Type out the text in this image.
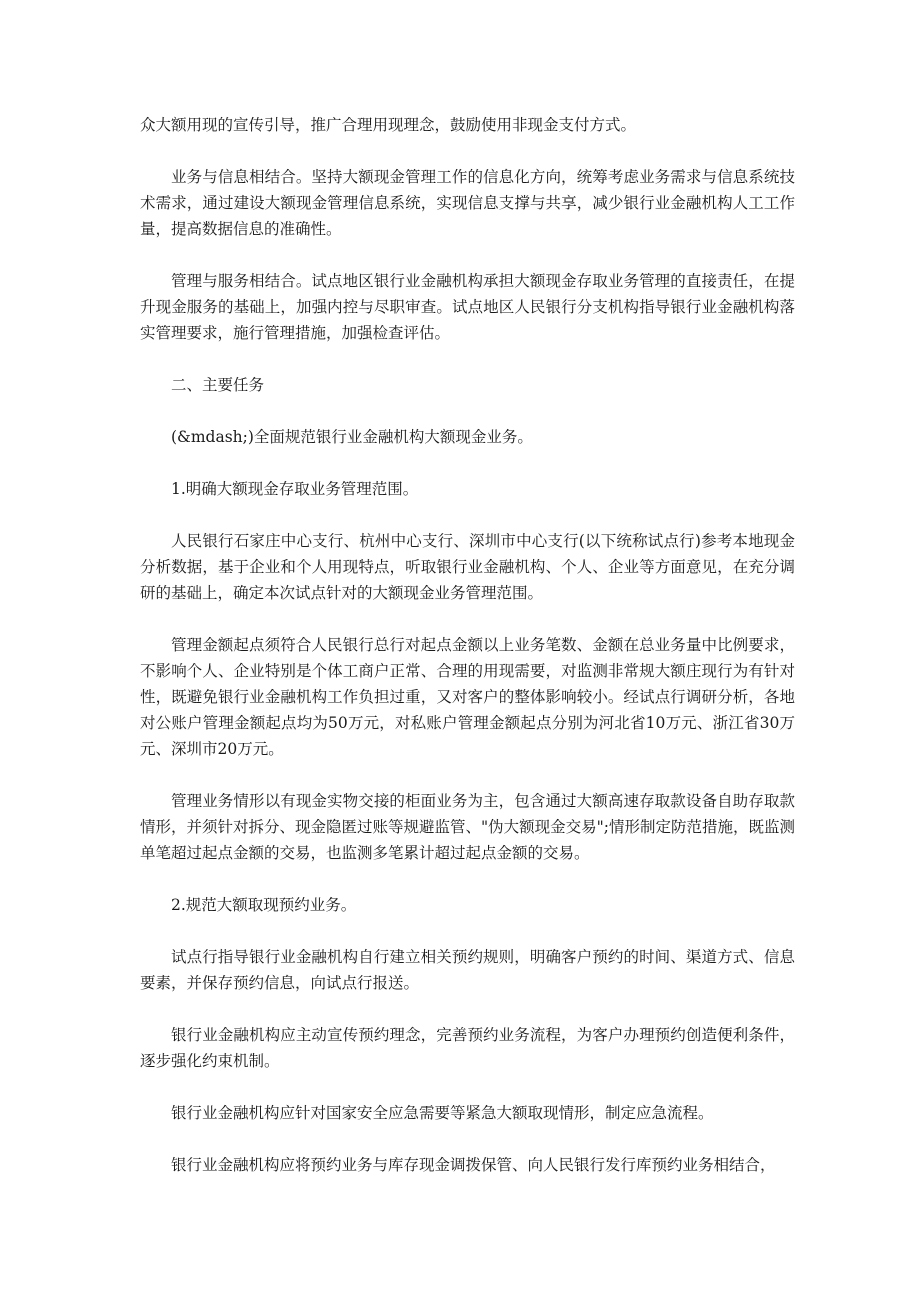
众大额用现的宣传引导，推广合理用现理念，鼓励使用非现金支付方式。

业务与信息相结合。坚持大额现金管理工作的信息化方向，统筹考虑业务需求与信息系统技术需求，通过建设大额现金管理信息系统，实现信息支撑与共享，减少银行业金融机构人工工作量，提高数据信息的准确性。

管理与服务相结合。试点地区银行业金融机构承担大额现金存取业务管理的直接责任，在提升现金服务的基础上，加强内控与尽职审查。试点地区人民银行分支机构指导银行业金融机构落实管理要求，施行管理措施，加强检查评估。

二、主要任务

(&mdash;)全面规范银行业金融机构大额现金业务。

1.明确大额现金存取业务管理范围。

人民银行石家庄中心支行、杭州中心支行、深圳市中心支行(以下统称试点行)参考本地现金分析数据，基于企业和个人用现特点，听取银行业金融机构、个人、企业等方面意见，在充分调研的基础上，确定本次试点针对的大额现金业务管理范围。

管理金额起点须符合人民银行总行对起点金额以上业务笔数、金额在总业务量中比例要求，不影响个人、企业特别是个体工商户正常、合理的用现需要，对监测非常规大额庄现行为有针对性，既避免银行业金融机构工作负担过重，又对客户的整体影响较小。经试点行调研分析，各地对公账户管理金额起点均为50万元，对私账户管理金额起点分别为河北省10万元、浙江省30万元、深圳市20万元。

管理业务情形以有现金实物交接的柜面业务为主，包含通过大额高速存取款设备自助存取款情形，并须针对拆分、现金隐匿过账等规避监管、"伪大额现金交易";情形制定防范措施，既监测单笔超过起点金额的交易，也监测多笔累计超过起点金额的交易。

2.规范大额取现预约业务。

试点行指导银行业金融机构自行建立相关预约规则，明确客户预约的时间、渠道方式、信息要素，并保存预约信息，向试点行报送。

银行业金融机构应主动宣传预约理念，完善预约业务流程，为客户办理预约创造便利条件，逐步强化约束机制。

银行业金融机构应针对国家安全应急需要等紧急大额取现情形，制定应急流程。

银行业金融机构应将预约业务与库存现金调拨保管、向人民银行发行库预约业务相结合，
